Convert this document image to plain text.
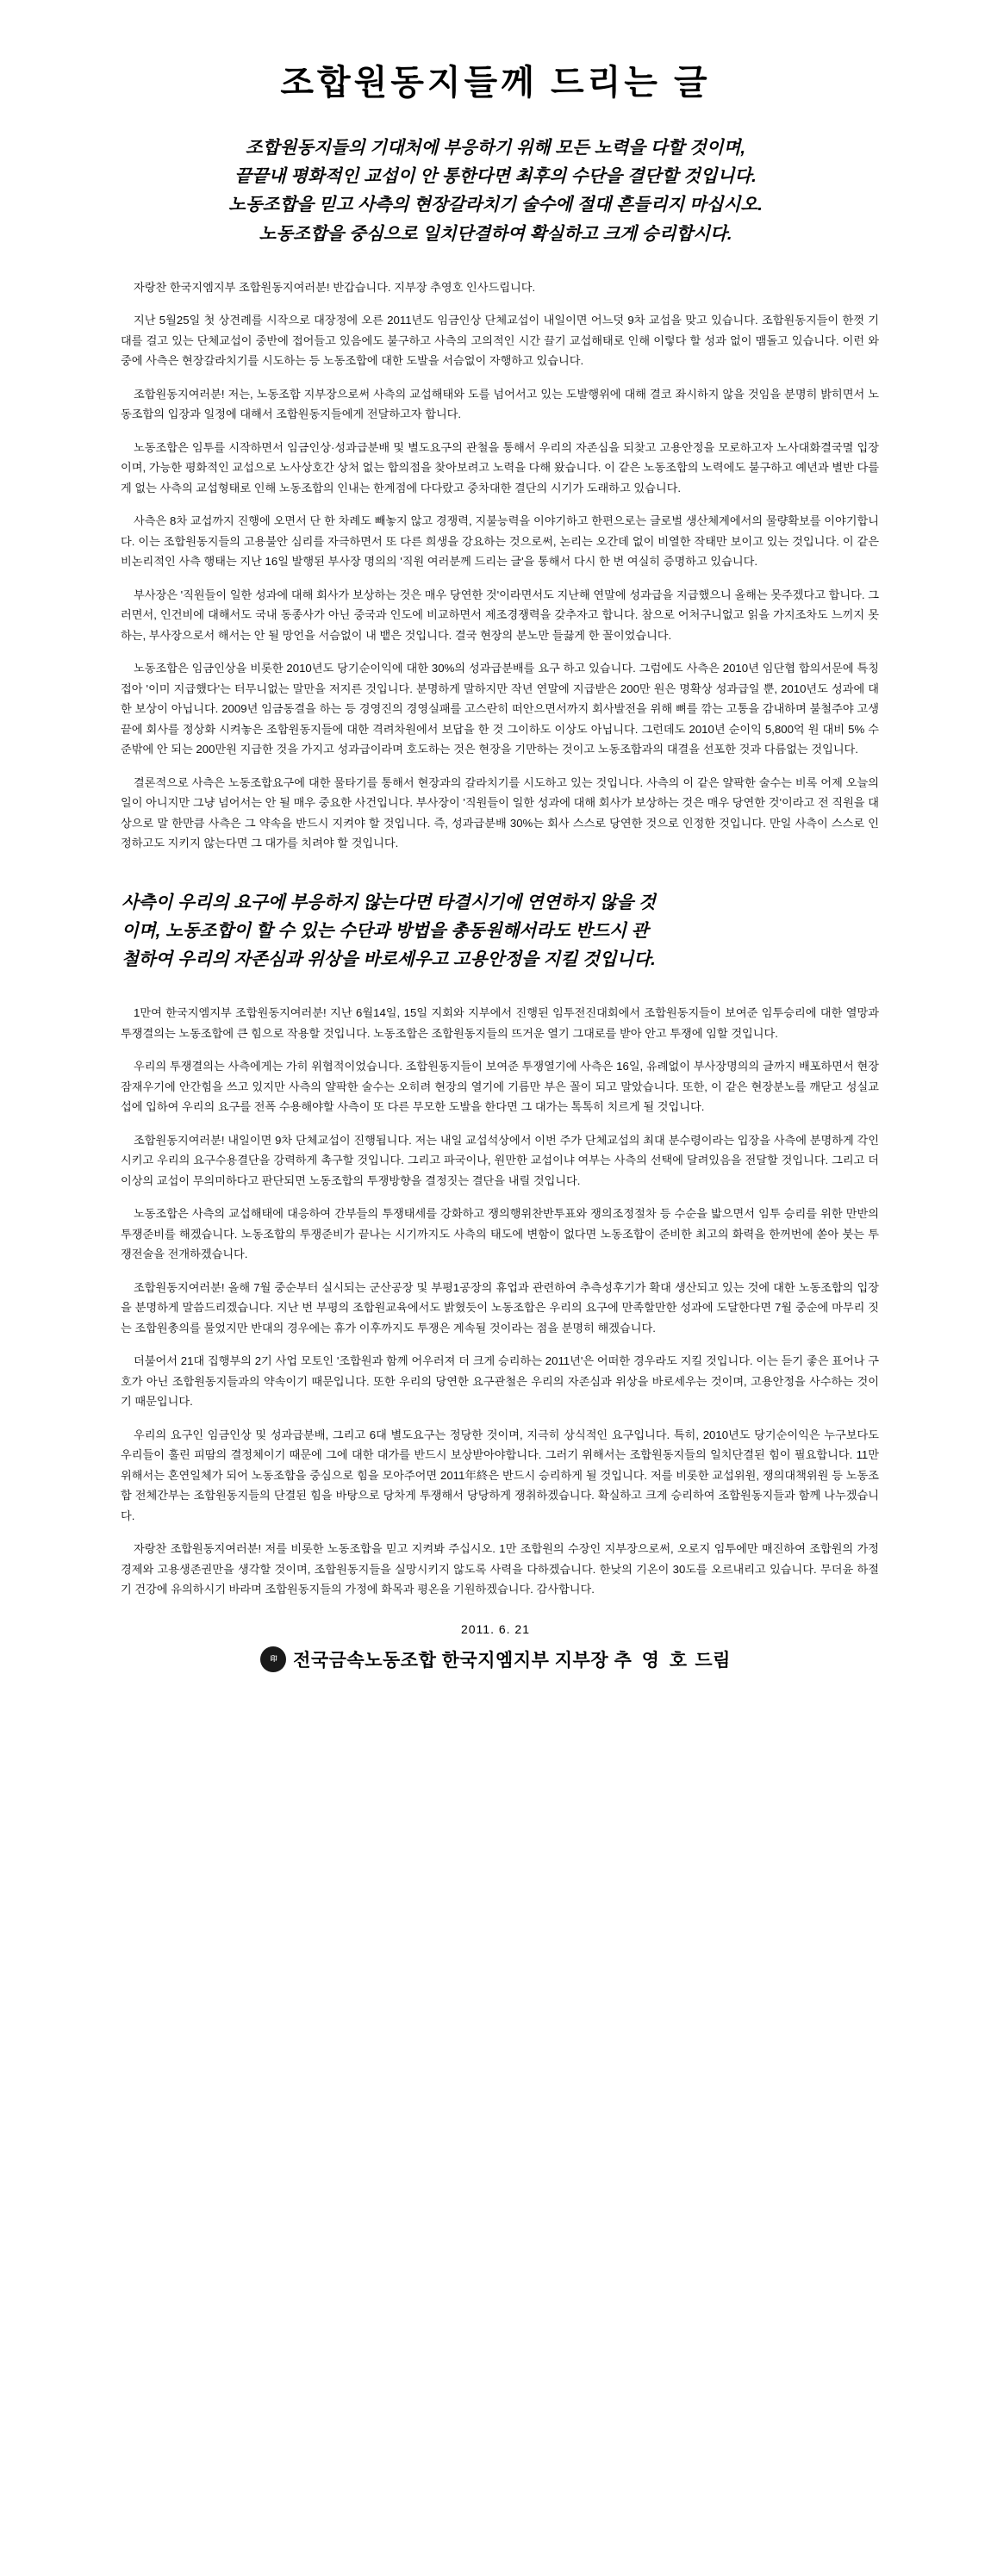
조합원동지들께 드리는 글
조합원동지들의 기대처에 부응하기 위해 모든 노력을 다할 것이며,
끝끝내 평화적인 교섭이 안 통한다면 최후의 수단을 결단할 것입니다.
노동조합을 믿고 사측의 현장갈라치기 술수에 절대 흔들리지 마십시오.
노동조합을 중심으로 일치단결하여 확실하고 크게 승리합시다.

자랑찬 한국지엠지부 조합원동지여러분! 반갑습니다. 지부장 추영호 인사드립니다.

지난 5월25일 첫 상견례를 시작으로 대장정에 오른 2011년도 임금인상 단체교섭이 내일이면 어느덧 9차 교섭을 맞고 있습니다. 조합원동지들이 한껏 기대를 걸고 있는 단체교섭이 중반에 접어들고 있음에도 불구하고 사측의 고의적인 시간 끌기 교섭해태로 인해 이렇다 할 성과 없이 맴돌고 있습니다. 이런 와중에 사측은 현장갈라치기를 시도하는 등 노동조합에 대한 도발을 서슴없이 자행하고 있습니다.

조합원동지여러분! 저는, 노동조합 지부장으로써 사측의 교섭해태와 도를 넘어서고 있는 도발행위에 대해 결코 좌시하지 않을 것임을 분명히 밝히면서 노동조합의 입장과 일정에 대해서 조합원동지들에게 전달하고자 합니다.

노동조합은 임투를 시작하면서 임금인상·성과급분배 및 별도요구의 관철을 통해서 우리의 자존심을 되찾고 고용안정을 모로하고자 노사대화결국멸 입장이며, 가능한 평화적인 교섭으로 노사상호간 상처 없는 합의점을 찾아보려고 노력을 다해 왔습니다. 이 같은 노동조합의 노력에도 불구하고 예년과 별반 다를 게 없는 사측의 교섭형태로 인해 노동조합의 인내는 한계점에 다다랐고 중차대한 결단의 시기가 도래하고 있습니다.

사측은 8차 교섭까지 진행에 오면서 단 한 차례도 빼놓지 않고 경쟁력, 지불능력을 이야기하고 한편으로는 글로벌 생산체계에서의 물량확보를 이야기합니다. 이는 조합원동지들의 고용불안 심리를 자극하면서 또 다른 희생을 강요하는 것으로써, 논리는 오간데 없이 비열한 작태만 보이고 있는 것입니다. 이 같은 비논리적인 사측 행태는 지난 16일 발행된 부사장 명의의 '직원 여러분께 드리는 글'을 통해서 다시 한 번 여실히 증명하고 있습니다.

부사장은 '직원들이 일한 성과에 대해 회사가 보상하는 것은 매우 당연한 것'이라면서도 지난해 연말에 성과급을 지급했으니 올해는 못주겠다고 합니다. 그러면서, 인건비에 대해서도 국내 동종사가 아닌 중국과 인도에 비교하면서 제조경쟁력을 갖추자고 합니다. 참으로 어처구니없고 읽을 가지조차도 느끼지 못하는, 부사장으로서 해서는 안 될 망언을 서슴없이 내 뱉은 것입니다. 결국 현장의 분노만 들끓게 한 꼴이었습니다.

노동조합은 임금인상을 비롯한 2010년도 당기순이익에 대한 30%의 성과급분배를 요구 하고 있습니다. 그럼에도 사측은 2010년 임단협 합의서문에 특칭 접아 '이미 지급했다'는 터무니없는 말만을 저지른 것입니다. 분명하게 말하지만 작년 연말에 지급받은 200만 원은 명확상 성과급일 뿐, 2010년도 성과에 대한 보상이 아닙니다. 2009년 임금동결을 하는 등 경영진의 경영실패를 고스란히 떠안으면서까지 회사발전을 위해 뼈를 깎는 고통을 감내하며 불철주야 고생 끝에 회사를 정상화 시켜놓은 조합원동지들에 대한 격려차원에서 보답을 한 것 그이하도 이상도 아닙니다. 그런데도 2010년 순이익 5,800억 원 대비 5% 수준밖에 안 되는 200만원 지급한 것을 가지고 성과급이라며 호도하는 것은 현장을 기만하는 것이고 노동조합과의 대결을 선포한 것과 다름없는 것입니다.

결론적으로 사측은 노동조합요구에 대한 물타기를 통해서 현장과의 갈라치기를 시도하고 있는 것입니다. 사측의 이 같은 얄팍한 술수는 비록 어제 오늘의 일이 아니지만 그냥 넘어서는 안 될 매우 중요한 사건입니다. 부사장이 '직원들이 일한 성과에 대해 회사가 보상하는 것은 매우 당연한 것'이라고 전 직원을 대상으로 말 한만큼 사측은 그 약속을 반드시 지켜야 할 것입니다. 즉, 성과급분배 30%는 회사 스스로 당연한 것으로 인정한 것입니다. 만일 사측이 스스로 인정하고도 지키지 않는다면 그 대가를 치려야 할 것입니다.

사측이 우리의 요구에 부응하지 않는다면 타결시기에 연연하지 않을 것
이며, 노동조합이 할 수 있는 수단과 방법을 총동원해서라도 반드시 관
철하여 우리의 자존심과 위상을 바로세우고 고용안정을 지킬 것입니다.

1만여 한국지엠지부 조합원동지여러분! 지난 6월14일, 15일 지회와 지부에서 진행된 임투전진대회에서 조합원동지들이 보여준 임투승리에 대한 열망과 투쟁결의는 노동조합에 큰 힘으로 작용할 것입니다. 노동조합은 조합원동지들의 뜨거운 열기 그대로를 받아 안고 투쟁에 임할 것입니다.

우리의 투쟁결의는 사측에게는 가히 위협적이었습니다. 조합원동지들이 보여준 투쟁열기에 사측은 16일, 유례없이 부사장명의의 글까지 배포하면서 현장 잠재우기에 안간힘을 쓰고 있지만 사측의 얄팍한 술수는 오히려 현장의 열기에 기름만 부은 꼴이 되고 말았습니다. 또한, 이 같은 현장분노를 깨닫고 성실교섭에 입하여 우리의 요구를 전폭 수용해야할 사측이 또 다른 무모한 도발을 한다면 그 대가는 톡톡히 치르게 될 것입니다.

조합원동지여러분! 내일이면 9차 단체교섭이 진행됩니다. 저는 내일 교섭석상에서 이번 주가 단체교섭의 최대 분수령이라는 입장을 사측에 분명하게 각인시키고 우리의 요구수용결단을 강력하게 촉구할 것입니다. 그리고 파국이나, 원만한 교섭이냐 여부는 사측의 선택에 달려있음을 전달할 것입니다. 그리고 더 이상의 교섭이 무의미하다고 판단되면 노동조합의 투쟁방향을 결정짓는 결단을 내릴 것입니다.

노동조합은 사측의 교섭해태에 대응하여 간부들의 투쟁태세를 강화하고 쟁의행위찬반투표와 쟁의조정절차 등 수순을 밟으면서 임투 승리를 위한 만반의 투쟁준비를 해겠습니다. 노동조합의 투쟁준비가 끝나는 시기까지도 사측의 태도에 변함이 없다면 노동조합이 준비한 최고의 화력을 한꺼번에 쏟아 붓는 투쟁전술을 전개하겠습니다.

조합원동지여러분! 올해 7월 중순부터 실시되는 군산공장 및 부평1공장의 휴업과 관련하여 추측성후기가 확대 생산되고 있는 것에 대한 노동조합의 입장을 분명하게 말씀드리겠습니다. 지난 번 부평의 조합원교육에서도 밝혔듯이 노동조합은 우리의 요구에 만족할만한 성과에 도달한다면 7월 중순에 마무리 짓는 조합원총의를 물었지만 반대의 경우에는 휴가 이후까지도 투쟁은 계속될 것이라는 점을 분명히 해겠습니다.

더불어서 21대 집행부의 2기 사업 모토인 '조합원과 함께 어우러져 더 크게 승리하는 2011년'은 어떠한 경우라도 지킬 것입니다. 이는 듣기 좋은 표어나 구호가 아닌 조합원동지들과의 약속이기 때문입니다. 또한 우리의 당연한 요구관철은 우리의 자존심과 위상을 바로세우는 것이며, 고용안정을 사수하는 것이기 때문입니다.

우리의 요구인 임금인상 및 성과급분배, 그리고 6대 별도요구는 정당한 것이며, 지극히 상식적인 요구입니다. 특히, 2010년도 당기순이익은 누구보다도 우리들이 훌린 피땀의 결정체이기 때문에 그에 대한 대가를 반드시 보상받아야합니다. 그러기 위해서는 조합원동지들의 일치단결된 힘이 필요합니다. 11만 위해서는 혼연일체가 되어 노동조합을 중심으로 힘을 모아주어면 2011年終은 반드시 승리하게 될 것입니다. 저를 비롯한 교섭위원, 쟁의대책위원 등 노동조합 전체간부는 조합원동지들의 단결된 힘을 바탕으로 당차게 투쟁해서 당당하게 쟁취하겠습니다. 확실하고 크게 승리하여 조합원동지들과 함께 나누겠습니다.

자랑찬 조합원동지여러분! 저를 비롯한 노동조합을 믿고 지켜봐 주십시오. 1만 조합원의 수장인 지부장으로써, 오로지 임투에만 매진하여 조합원의 가정경제와 고용생존권만을 생각할 것이며, 조합원동지들을 실망시키지 않도록 사력을 다하겠습니다. 한낮의 기온이 30도를 오르내리고 있습니다. 무더윤 하절기 건강에 유의하시기 바라며 조합원동지들의 가정에 화목과 평온을 기원하겠습니다. 감사합니다.

2011. 6. 21
印 전국금속노동조합 한국지엠지부 지부장 추 영 호 드림
